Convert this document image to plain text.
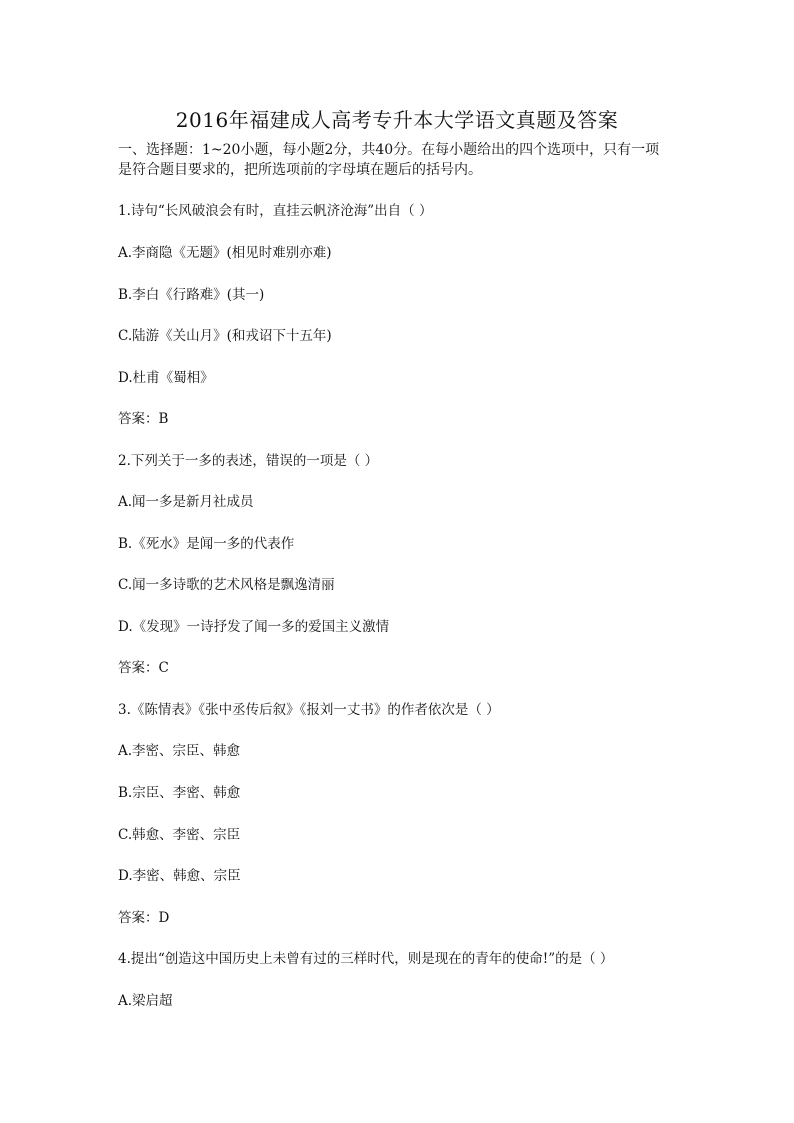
2016年福建成人高考专升本大学语文真题及答案
一、选择题：1~20小题，每小题2分，共40分。在每小题给出的四个选项中，只有一项
是符合题目要求的，把所选项前的字母填在题后的括号内。
1.诗句“长风破浪会有时，直挂云帆济沧海”出自（ ）
A.李商隐《无题》(相见时难别亦难)
B.李白《行路难》(其一)
C.陆游《关山月》(和戎诏下十五年)
D.杜甫《蜀相》
答案：B
2.下列关于一多的表述，错误的一项是（ ）
A.闻一多是新月社成员
B.《死水》是闻一多的代表作
C.闻一多诗歌的艺术风格是飘逸清丽
D.《发现》一诗抒发了闻一多的爱国主义激情
答案：C
3.《陈情表》《张中丞传后叙》《报刘一丈书》的作者依次是（ ）
A.李密、宗臣、韩愈
B.宗臣、李密、韩愈
C.韩愈、李密、宗臣
D.李密、韩愈、宗臣
答案：D
4.提出“创造这中国历史上未曾有过的三样时代，则是现在的青年的使命!”的是（ ）
A.梁启超
